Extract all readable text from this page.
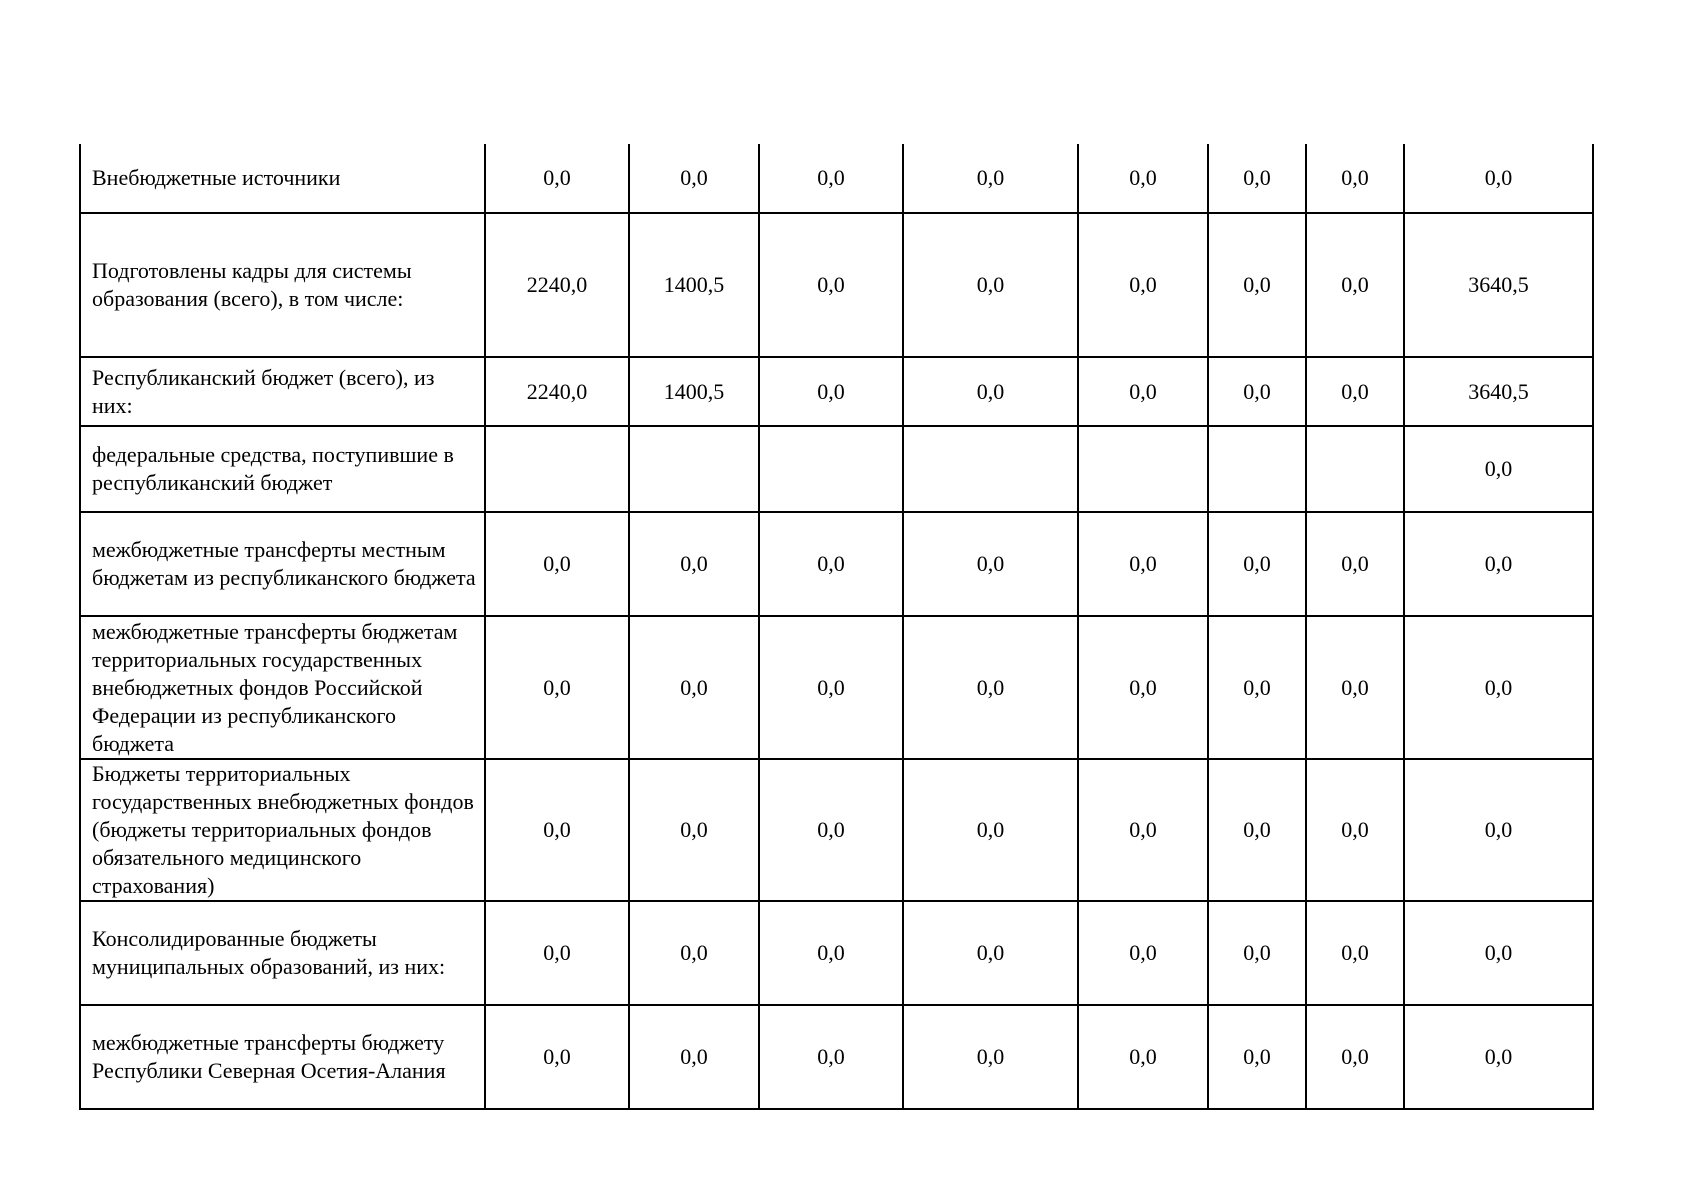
Внебюджетные источники	0,0	0,0	0,0	0,0	0,0	0,0	0,0	0,0
Подготовлены кадры для системы образования (всего), в том числе:	2240,0	1400,5	0,0	0,0	0,0	0,0	0,0	3640,5
Республиканский бюджет (всего), из них:	2240,0	1400,5	0,0	0,0	0,0	0,0	0,0	3640,5
федеральные средства, поступившие в республиканский бюджет								0,0
межбюджетные трансферты местным бюджетам из республиканского бюджета	0,0	0,0	0,0	0,0	0,0	0,0	0,0	0,0
межбюджетные трансферты бюджетам территориальных государственных внебюджетных фондов Российской Федерации из республиканского бюджета	0,0	0,0	0,0	0,0	0,0	0,0	0,0	0,0
Бюджеты территориальных государственных внебюджетных фондов (бюджеты территориальных фондов обязательного медицинского страхования)	0,0	0,0	0,0	0,0	0,0	0,0	0,0	0,0
Консолидированные бюджеты муниципальных образований, из них:	0,0	0,0	0,0	0,0	0,0	0,0	0,0	0,0
межбюджетные трансферты бюджету Республики Северная Осетия-Алания	0,0	0,0	0,0	0,0	0,0	0,0	0,0	0,0
